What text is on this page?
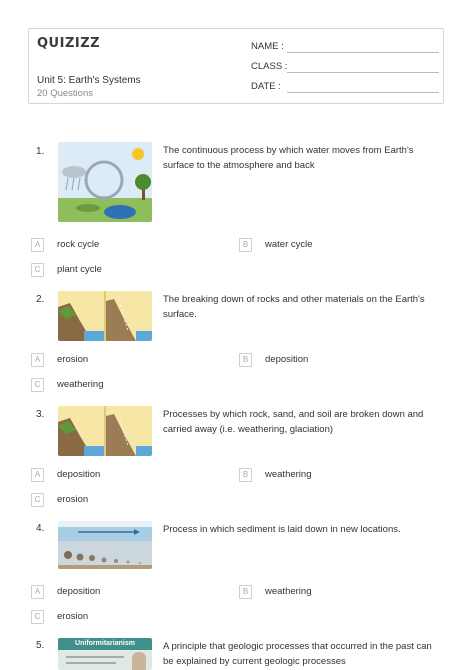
QUIZIZZ
Unit 5: Earth's Systems
20 Questions
NAME :
CLASS :
DATE :
1.	The continuous process by which water moves from Earth's surface to the atmosphere and back
A	rock cycle	B	water cycle
C	plant cycle
2.	The breaking down of rocks and other materials on the Earth's surface.
A	erosion	B	deposition
C	weathering
3.	Processes by which rock, sand, and soil are broken down and carried away (i.e. weathering, glaciation)
A	deposition	B	weathering
C	erosion
4.	Process in which sediment is laid down in new locations.
A	deposition	B	weathering
C	erosion
5.	Uniformitarianism	A principle that geologic processes that occurred in the past can be explained by current geologic processes
